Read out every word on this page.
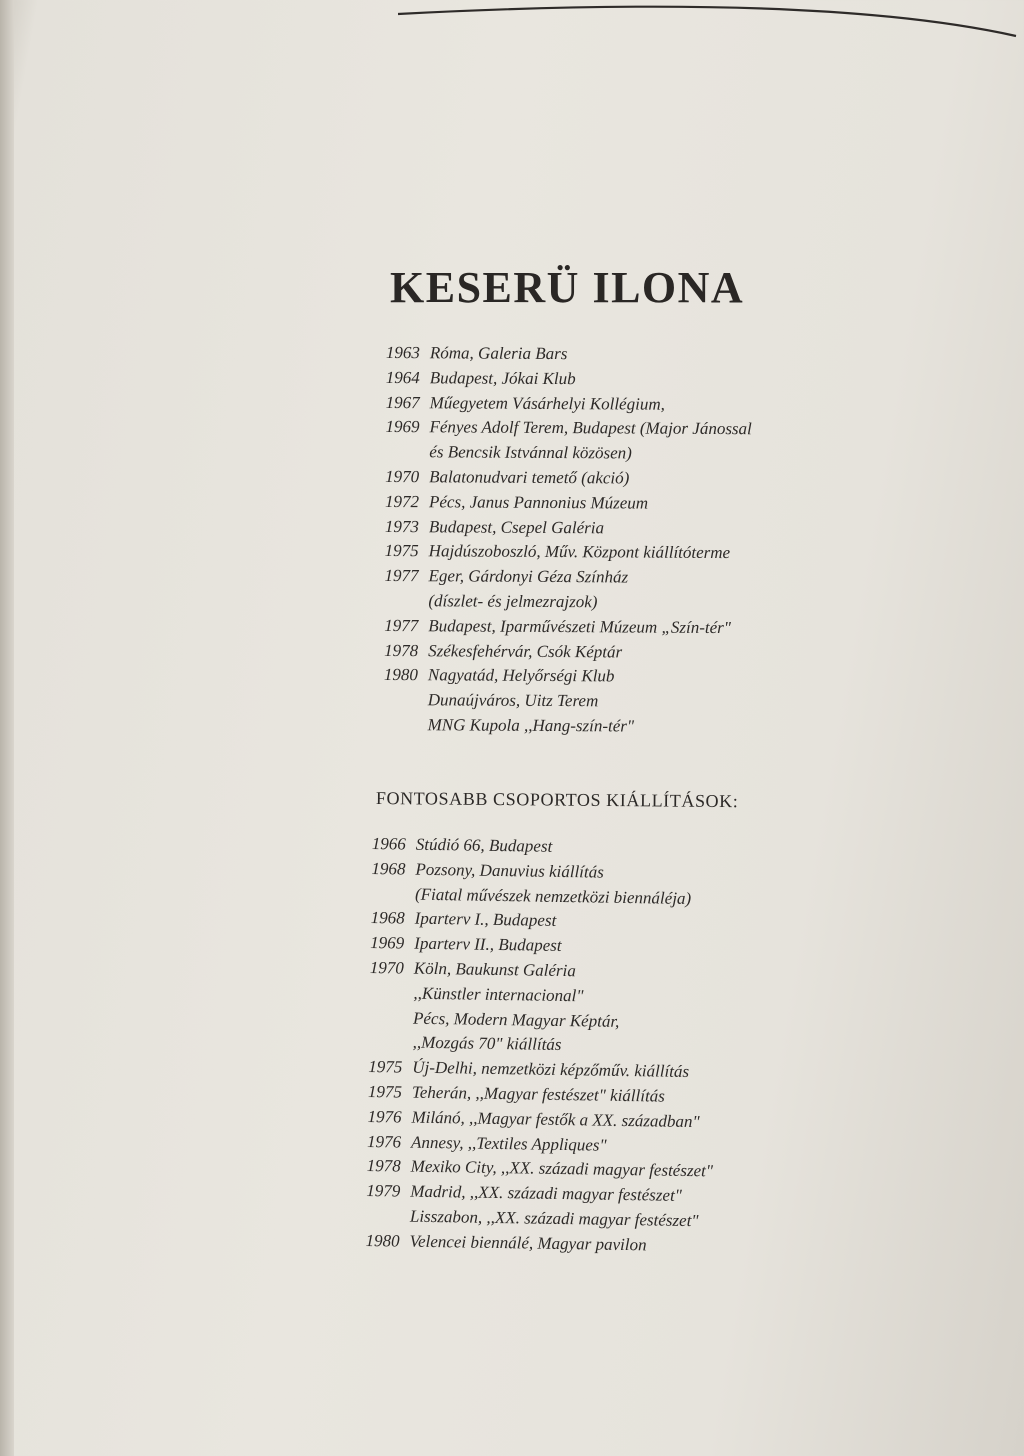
KESERÜ ILONA
1963 Róma, Galeria Bars
1964 Budapest, Jókai Klub
1967 Műegyetem Vásárhelyi Kollégium,
1969 Fényes Adolf Terem, Budapest (Major Jánossal
és Bencsik Istvánnal közösen)
1970 Balatonudvari temető (akció)
1972 Pécs, Janus Pannonius Múzeum
1973 Budapest, Csepel Galéria
1975 Hajdúszoboszló, Műv. Központ kiállítóterme
1977 Eger, Gárdonyi Géza Színház
(díszlet- és jelmezrajzok)
1977 Budapest, Iparművészeti Múzeum „Szín-tér"
1978 Székesfehérvár, Csók Képtár
1980 Nagyatád, Helyőrségi Klub
Dunaújváros, Uitz Terem
MNG Kupola ,,Hang-szín-tér"
FONTOSABB CSOPORTOS KIÁLLÍTÁSOK:
1966 Stúdió 66, Budapest
1968 Pozsony, Danuvius kiállítás
(Fiatal művészek nemzetközi biennáléja)
1968 Iparterv I., Budapest
1969 Iparterv II., Budapest
1970 Köln, Baukunst Galéria
,,Künstler internacional"
Pécs, Modern Magyar Képtár,
,,Mozgás 70" kiállítás
1975 Új-Delhi, nemzetközi képzőműv. kiállítás
1975 Teherán, ,,Magyar festészet" kiállítás
1976 Milánó, ,,Magyar festők a XX. században"
1976 Annesy, ,,Textiles Appliques"
1978 Mexiko City, ,,XX. századi magyar festészet"
1979 Madrid, ,,XX. századi magyar festészet"
Lisszabon, ,,XX. századi magyar festészet"
1980 Velencei biennálé, Magyar pavilon
